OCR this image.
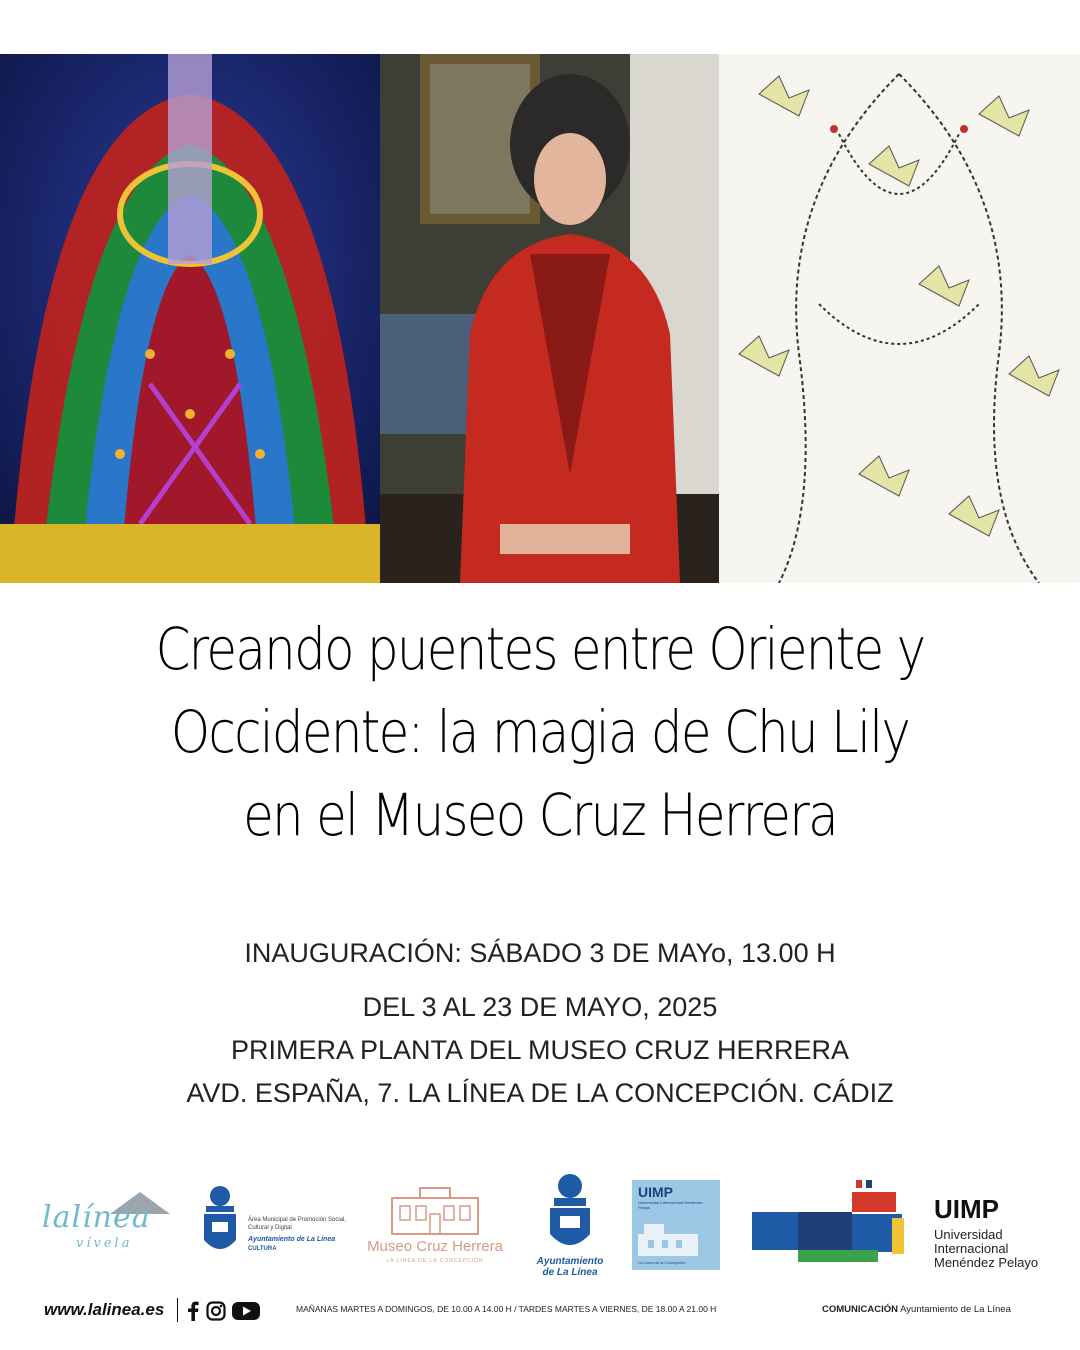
Creando puentes entre Oriente y
Occidente: la magia de Chu Lily
en el Museo Cruz Herrera
INAUGURACIÓN: SÁBADO 3 DE MAYo, 13.00 H
DEL 3 AL 23 DE MAYO, 2025
PRIMERA PLANTA DEL MUSEO CRUZ HERRERA
AVD. ESPAÑA, 7. LA LÍNEA DE LA CONCEPCIÓN. CÁDIZ
lalínea
vívela
Área Municipal de Promoción Social, Cultural y Digital
Ayuntamiento de La Línea
CULTURA	Museo Cruz Herrera
LA LÍNEA DE LA CONCEPCIÓN	Ayuntamiento
de La Línea
UIMP
Universidad Internacional Menéndez Pelayo
La Línea de la Concepción
UIMP
Universidad
Internacional
Menéndez Pelayo
www.lalinea.es	MAÑANAS MARTES A DOMINGOS, DE 10.00 A 14.00 H / TARDES MARTES A VIERNES, DE 18.00 A 21.00 H	COMUNICACIÓN Ayuntamiento de La Línea
